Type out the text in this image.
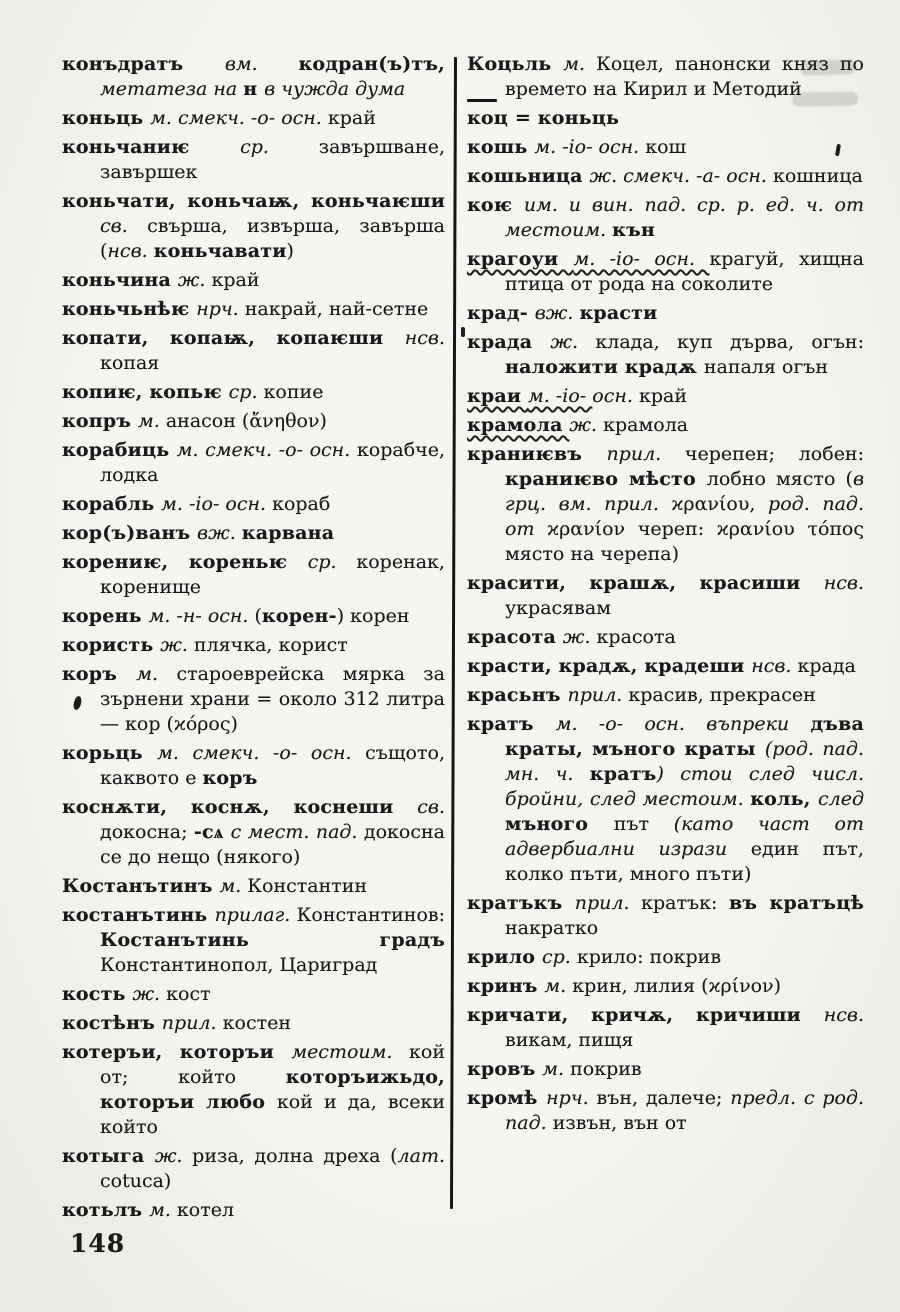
конъдратъ вм. кодран(ъ)тъ, метатеза на н в чужда дума
коньць м. смекч. -о- осн. край
коньчаниѥ ср. завършване, завършек
коньчати, коньчаѭ, коньчаѥши св. свърша, извърша, завърша (нсв. коньчавати)
коньчина ж. край
коньчьнѣѥ нрч. накрай, най-сетне
копати, копаѭ, копаѥши нсв. копая
копиѥ, копьѥ ср. копие
копръ м. анасон (ἄνηθον)
корабиць м. смекч. -о- осн. корабче, лодка
корабль м. -іо- осн. кораб
кор(ъ)ванъ вж. карвана
корениѥ, кореньѥ ср. коренак, коренище
корень м. -н- осн. (корен-) корен
користь ж. плячка, корист
коръ м. староеврейска мярка за зърнени храни = около 312 литра — кор (ϰόρος)
корьць м. смекч. -о- осн. същото, каквото е коръ
коснѫти, коснѫ, коснеши св. докосна; -сѧ с мест. пад. докосна се до нещо (някого)
Костанътинъ м. Константин
костанътинь прилаг. Константинов: Костанътинь градъ Константинопол, Цариград
кость ж. кост
костѣнъ прил. костен
котеръи, которъи местоим. кой от; който которъижьдо, которъи любо кой и да, всеки който
котыга ж. риза, долна дреха (лат. cotuca)
котьлъ м. котел
Коцьль м. Коцел, панонски княз по времето на Кирил и Методий
коц = коньць
кошь м. -іо- осн. кош
кошьница ж. смекч. -а- осн. кошница
коѥ им. и вин. пад. ср. р. ед. ч. от местоим. кън
крагоуи м. -іо- осн. крагуй, хищна птица от рода на соколите
крад- вж. красти
крада ж. клада, куп дърва, огън: наложити крадѫ напаля огън
краи м. -іо- осн. край
крамола ж. крамола
краниѥвъ прил. черепен; лобен: краниѥво мѣсто лобно място (в грц. вм. прил. ϰρανίου, род. пад. от ϰρανίον череп: ϰρανίου τόπος място на черепа)
красити, крашѫ, красиши нсв. украсявам
красота ж. красота
красти, крадѫ, крадеши нсв. крада
красьнъ прил. красив, прекрасен
кратъ м. -о- осн. въпреки дъва краты, мъного краты (род. пад. мн. ч. кратъ) стои след числ. бройни, след местоим. коль, след мъного път (като част от адвербиални изрази един път, колко пъти, много пъти)
кратъкъ прил. кратък: въ кратъцѣ накратко
крило ср. крило: покрив
кринъ м. крин, лилия (ϰρίνον)
кричати, кричѫ, кричиши нсв. викам, пищя
кровъ м. покрив
кромѣ нрч. вън, далече; предл. с род. пад. извън, вън от
148
